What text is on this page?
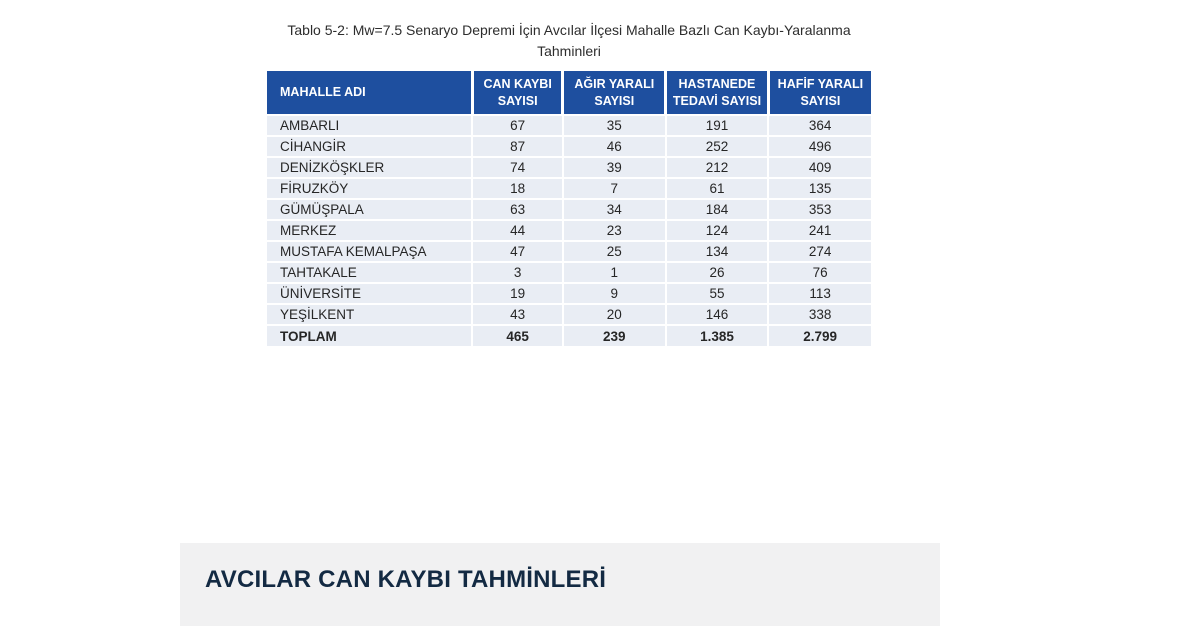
Tablo 5-2: Mw=7.5 Senaryo Depremi İçin Avcılar İlçesi Mahalle Bazlı Can Kaybı-Yaralanma
Tahminleri
MAHALLE ADI	CAN KAYBI SAYISI	AĞIR YARALI SAYISI	HASTANEDE TEDAVİ SAYISI	HAFİF YARALI SAYISI
AMBARLI	67	35	191	364
CİHANGİR	87	46	252	496
DENİZKÖŞKLER	74	39	212	409
FİRUZKÖY	18	7	61	135
GÜMÜŞPALA	63	34	184	353
MERKEZ	44	23	124	241
MUSTAFA KEMALPAŞA	47	25	134	274
TAHTAKALE	3	1	26	76
ÜNİVERSİTE	19	9	55	113
YEŞİLKENT	43	20	146	338
TOPLAM	465	239	1.385	2.799
AVCILAR CAN KAYBI TAHMİNLERİ
